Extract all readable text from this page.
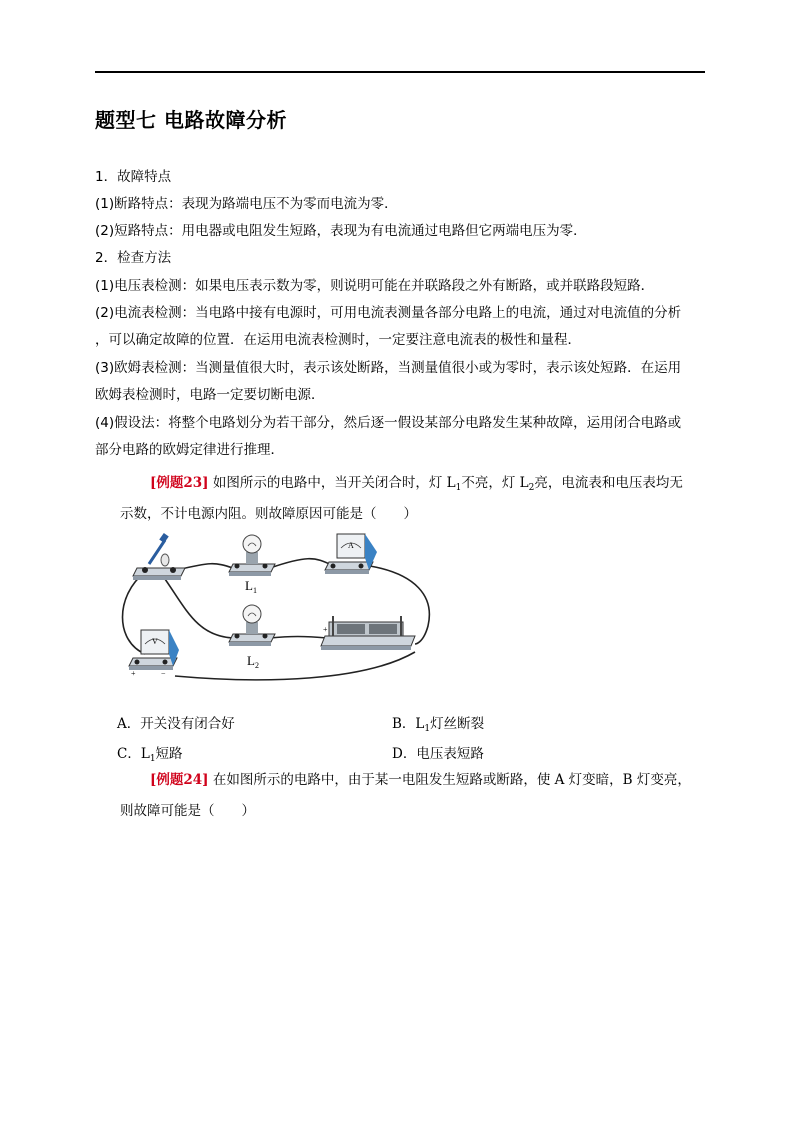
题型七 电路故障分析
1．故障特点
(1)断路特点：表现为路端电压不为零而电流为零．
(2)短路特点：用电器或电阻发生短路，表现为有电流通过电路但它两端电压为零．
2．检查方法
(1)电压表检测：如果电压表示数为零，则说明可能在并联路段之外有断路，或并联路段短路．
(2)电流表检测：当电路中接有电源时，可用电流表测量各部分电路上的电流，通过对电流值的分析
，可以确定故障的位置．在运用电流表检测时，一定要注意电流表的极性和量程．
(3)欧姆表检测：当测量值很大时，表示该处断路，当测量值很小或为零时，表示该处短路．在运用
欧姆表检测时，电路一定要切断电源．
(4)假设法：将整个电路划分为若干部分，然后逐一假设某部分电路发生某种故障，运用闭合电路或
部分电路的欧姆定律进行推理．
[例题23] 如图所示的电路中，当开关闭合时，灯 $L_1$不亮，灯 $L_2$亮，电流表和电压表均无
示数，不计电源内阻。则故障原因可能是（　　）
$L_1$
A
$L_2$
+
V
+	−
A．开关没有闭合好	B．$L_1$灯丝断裂
C．$L_1$短路	D．电压表短路
[例题24] 在如图所示的电路中，由于某一电阻发生短路或断路，使 A 灯变暗，B 灯变亮，
则故障可能是（　　）
